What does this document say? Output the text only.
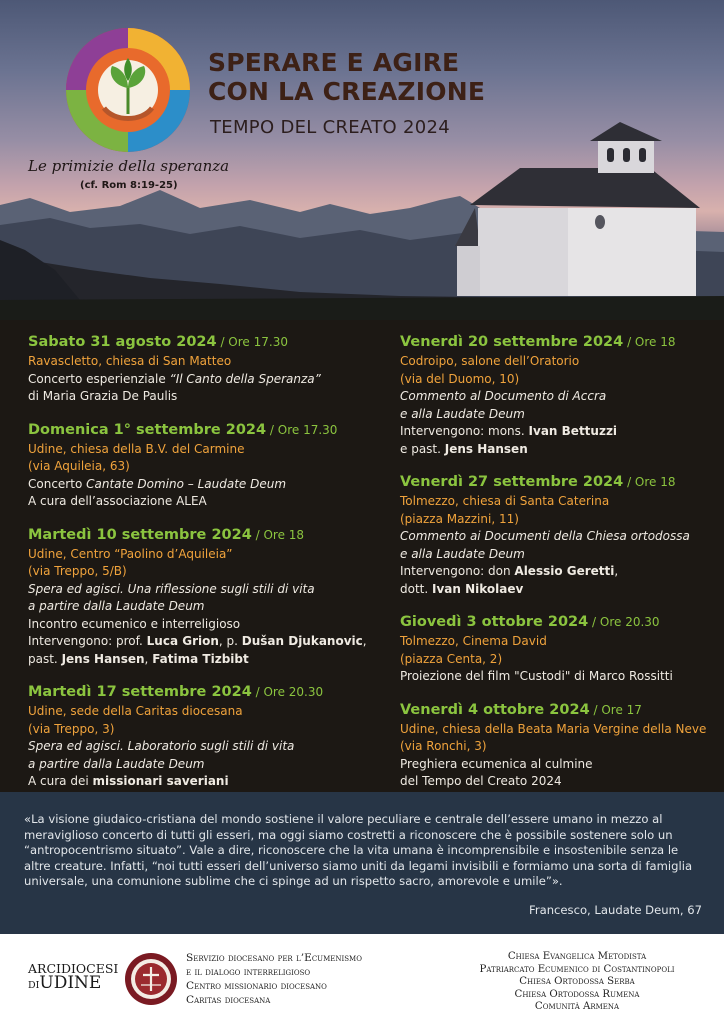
SPERARE E AGIRE
CON LA CREAZIONE
TEMPO DEL CREATO 2024
Le primizie della speranza
(cf. Rom 8:19-25)
Sabato 31 agosto 2024 / Ore 17.30
Ravascletto, chiesa di San Matteo
Concerto esperienziale “Il Canto della Speranza”
di Maria Grazia De Paulis
Domenica 1° settembre 2024 / Ore 17.30
Udine, chiesa della B.V. del Carmine
(via Aquileia, 63)
Concerto Cantate Domino – Laudate Deum
A cura dell’associazione ALEA
Martedì 10 settembre 2024 / Ore 18
Udine, Centro “Paolino d’Aquileia”
(via Treppo, 5/B)
Spera ed agisci. Una riflessione sugli stili di vita
a partire dalla Laudate Deum
Incontro ecumenico e interreligioso
Intervengono: prof. Luca Grion, p. Dušan Djukanovic,
past. Jens Hansen, Fatima Tizbibt
Martedì 17 settembre 2024 / Ore 20.30
Udine, sede della Caritas diocesana
(via Treppo, 3)
Spera ed agisci. Laboratorio sugli stili di vita
a partire dalla Laudate Deum
A cura dei missionari saveriani
Venerdì 20 settembre 2024 / Ore 18
Codroipo, salone dell’Oratorio
(via del Duomo, 10)
Commento al Documento di Accra
e alla Laudate Deum
Intervengono: mons. Ivan Bettuzzi
e past. Jens Hansen
Venerdì 27 settembre 2024 / Ore 18
Tolmezzo, chiesa di Santa Caterina
(piazza Mazzini, 11)
Commento ai Documenti della Chiesa ortodossa
e alla Laudate Deum
Intervengono: don Alessio Geretti,
dott. Ivan Nikolaev
Giovedì 3 ottobre 2024 / Ore 20.30
Tolmezzo, Cinema David
(piazza Centa, 2)
Proiezione del film "Custodi" di Marco Rossitti
Venerdì 4 ottobre 2024 / Ore 17
Udine, chiesa della Beata Maria Vergine della Neve
(via Ronchi, 3)
Preghiera ecumenica al culmine
del Tempo del Creato 2024
«La visione giudaico-cristiana del mondo sostiene il valore peculiare e centrale dell’essere umano in mezzo al meraviglioso concerto di tutti gli esseri, ma oggi siamo costretti a riconoscere che è possibile sostenere solo un “antropocentrismo situato”. Vale a dire, riconoscere che la vita umana è incomprensibile e insostenibile senza le altre creature. Infatti, “noi tutti esseri dell’universo siamo uniti da legami invisibili e formiamo una sorta di famiglia universale, una comunione sublime che ci spinge ad un rispetto sacro, amorevole e umile”».
Francesco, Laudate Deum, 67
ARCIDIOCESI
DIUDINE
Servizio diocesano per l’Ecumenismo
e il dialogo interreligioso
Centro missionario diocesano
Caritas diocesana
Chiesa Evangelica Metodista
Patriarcato Ecumenico di Costantinopoli
Chiesa Ortodossa Serba
Chiesa Ortodossa Rumena
Comunità Armena
